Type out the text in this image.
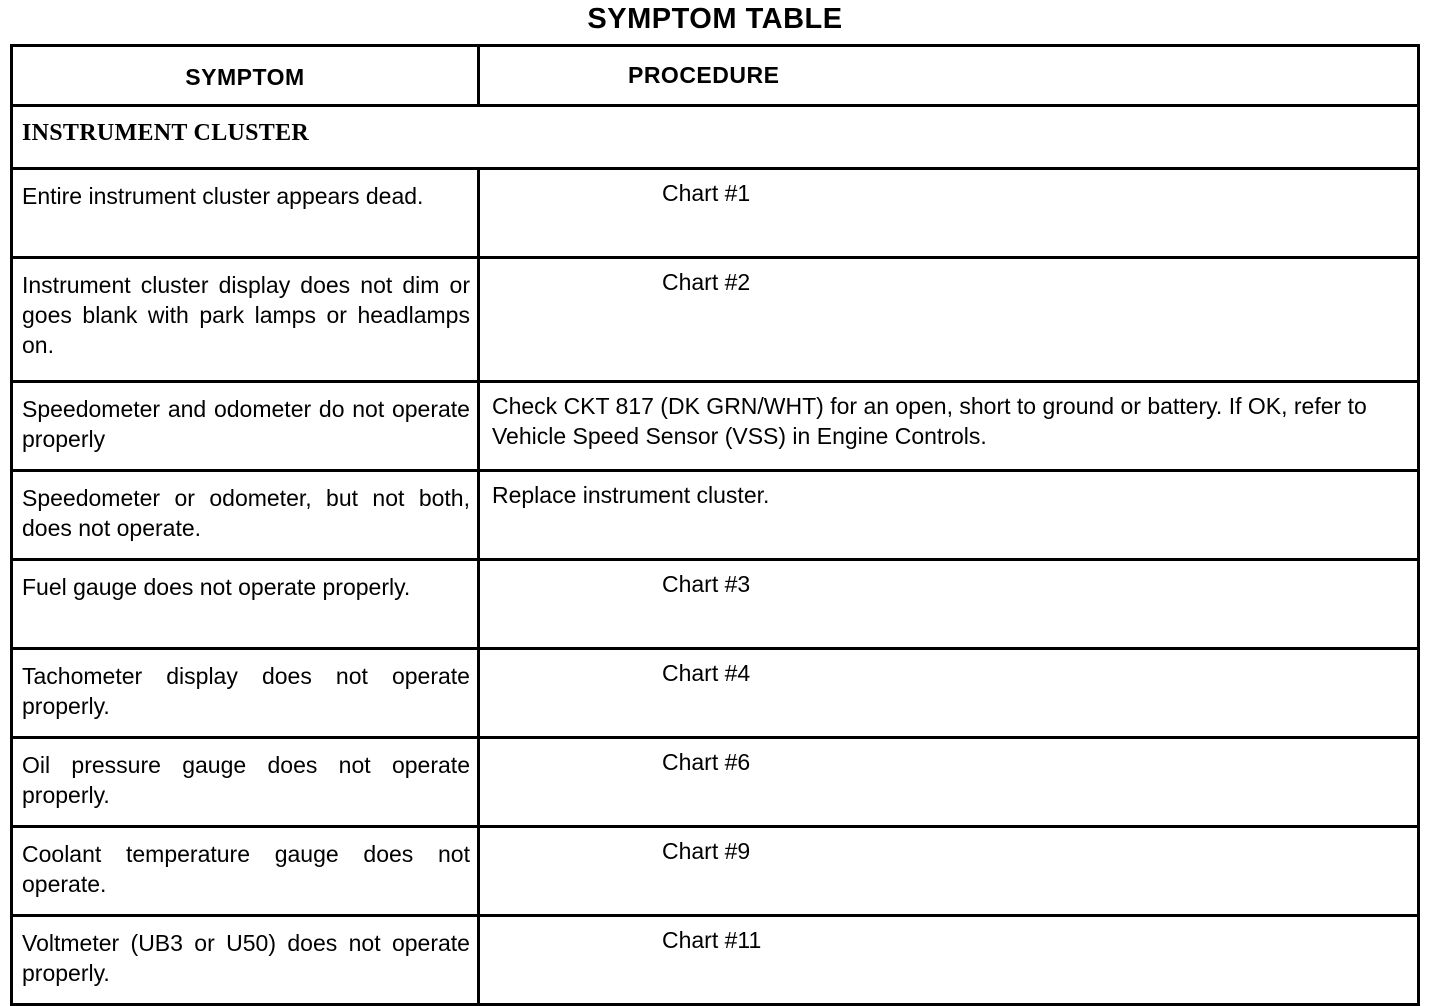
SYMPTOM TABLE
SYMPTOM	PROCEDURE
INSTRUMENT CLUSTER	
Entire instrument cluster appears dead.	Chart #1

Instrument cluster display does not dim or goes blank with park lamps or headlamps on.	Chart #2

Speedometer and odometer do not operate properly	Check CKT 817 (DK GRN/WHT) for an open, short to ground or battery. If OK, refer to Vehicle Speed Sensor (VSS) in Engine Controls.

Speedometer or odometer, but not both, does not operate.	Replace instrument cluster.

Fuel gauge does not operate properly.	Chart #3

Tachometer display does not operate properly.	Chart #4

Oil pressure gauge does not operate properly.	Chart #6

Coolant temperature gauge does not operate.	Chart #9

Voltmeter (UB3 or U50) does not operate properly.	Chart #11
